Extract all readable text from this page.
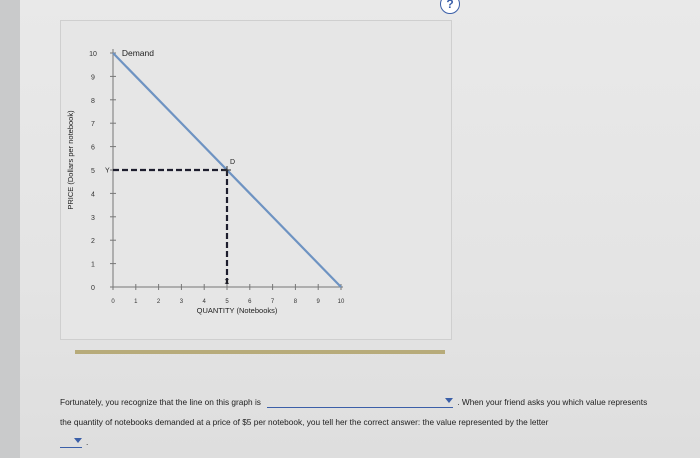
?
0
1
2
3
4
5
6
7
8
9
10
0	1	2	3	4	5	6	7	8	9	10
Demand
D
Y
X
QUANTITY (Notebooks)
PRICE (Dollars per notebook)
Fortunately, you recognize that the line on this graph is	. When your friend asks you which value represents the quantity of notebooks demanded at a price of $5 per notebook, you tell her the correct answer: the value represented by the letter

.
